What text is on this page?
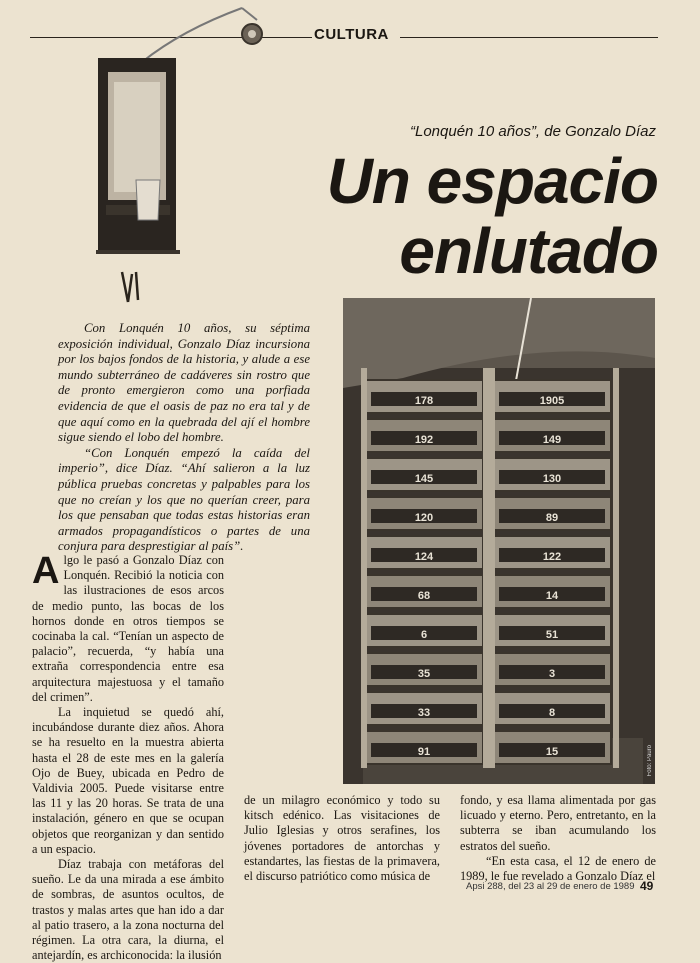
CULTURA
“Lonquén 10 años”, de Gonzalo Díaz
Un espacio
enlutado
178	1905
192	149
145	130
120	89
124	122
68	14
6	51
35	3
33	8
91	15	Foto: Pauro

Con Lonquén 10 años, su séptima exposición individual, Gonzalo Díaz incursiona por los bajos fondos de la historia, y alude a ese mundo subterráneo de cadáveres sin rostro que de pronto emergieron como una porfiada evidencia de que el oasis de paz no era tal y de que aquí como en la quebrada del ají el hombre sigue siendo el lobo del hombre.

“Con Lonquén empezó la caída del imperio”, dice Díaz. “Ahí salieron a la luz pública pruebas concretas y palpables para los que no creían y los que no querían creer, para los que pensaban que todas estas historias eran armados propagandísticos o partes de una conjura para desprestigiar al país”.

Algo le pasó a Gonzalo Díaz con Lonquén. Recibió la noticia con las ilustraciones de esos arcos de medio punto, las bocas de los hornos donde en otros tiempos se cocinaba la cal. “Tenían un aspecto de palacio”, recuerda, “y había una extraña correspondencia entre esa arquitectura majestuosa y el tamaño del crimen”.

La inquietud se quedó ahí, incubándose durante diez años. Ahora se ha resuelto en la muestra abierta hasta el 28 de este mes en la galería Ojo de Buey, ubicada en Pedro de Valdivia 2005. Puede visitarse entre las 11 y las 20 horas. Se trata de una instalación, género en que se ocupan objetos que reorganizan y dan sentido a un espacio.

Díaz trabaja con metáforas del sueño. Le da una mirada a ese ámbito de sombras, de asuntos ocultos, de trastos y malas artes que han ido a dar al patio trasero, a la zona nocturna del régimen. La otra cara, la diurna, el antejardín, es archiconocida: la ilusión

de un milagro económico y todo su kitsch edénico. Las visitaciones de Julio Iglesias y otros serafines, los jóvenes portadores de antorchas y estandartes, las fiestas de la primavera, el discurso patriótico como música de

fondo, y esa llama alimentada por gas licuado y eterno. Pero, entretanto, en la subterra se iban acumulando los estratos del sueño.

“En esta casa, el 12 de enero de 1989, le fue revelado a Gonzalo Díaz el

Apsi 288, del 23 al 29 de enero de 1989 49
